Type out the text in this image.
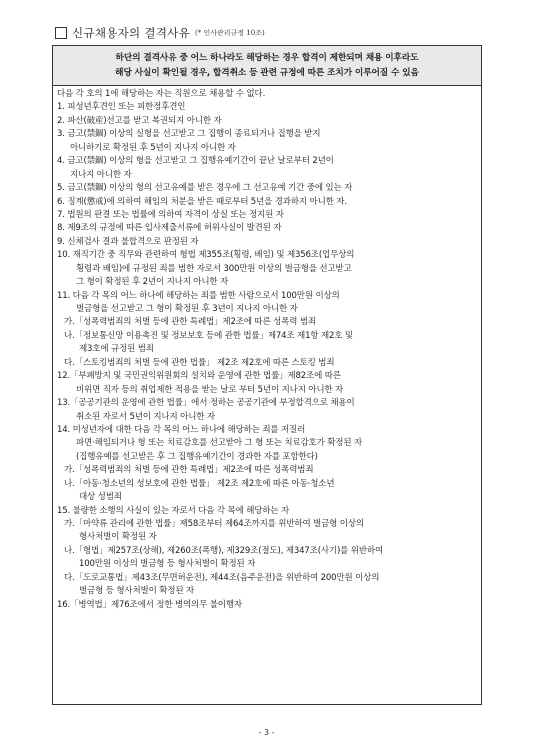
신규채용자의 결격사유 (* 인사관리규정 10조)
하단의 결격사유 중 어느 하나라도 해당하는 경우 합격이 제한되며 채용 이후라도
해당 사실이 확인될 경우, 합격취소 등 관련 규정에 따른 조치가 이루어질 수 있음
다음 각 호의 1에 해당하는 자는 직원으로 채용할 수 없다.
1. 피성년후견인 또는 피한정후견인
2. 파산(破産)선고를 받고 복권되지 아니한 자
3. 금고(禁錮) 이상의 실형을 선고받고 그 집행이 종료되거나 집행을 받지
아니하기로 확정된 후 5년이 지나지 아니한 자
4. 금고(禁錮) 이상의 형을 선고받고 그 집행유예기간이 끝난 날로부터 2년이
지나지 아니한 자
5. 금고(禁錮) 이상의 형의 선고유예를 받은 경우에 그 선고유예 기간 중에 있는 자
6. 징계(懲戒)에 의하여 해임의 처분을 받은 때로부터 5년을 경과하지 아니한 자.
7. 법원의 판결 또는 법률에 의하여 자격이 상실 또는 정지된 자
8. 제9조의 규정에 따른 입사제출서류에 허위사실이 발견된 자
9. 신체검사 결과 불합격으로 판정된 자
10. 재직기간 중 직무와 관련하여 형법 제355조(횡령, 배임) 및 제356조(업무상의
횡령과 배임)에 규정된 죄를 범한 자로서 300만원 이상의 벌금형을 선고받고
그 형이 확정된 후 2년이 지나지 아니한 자
11. 다음 각 목의 어느 하나에 해당하는 죄를 범한 사람으로서 100만원 이상의
벌금형을 선고받고 그 형이 확정된 후 3년이 지나지 아니한 자
가.「성폭력범죄의 처벌 등에 관한 특례법」제2조에 따른 성폭력 범죄
나.「정보통신망 이용촉진 및 정보보호 등에 관한 법률」제74조 제1항 제2호 및
제3호에 규정된 범죄
다.「스토킹범죄의 처벌 등에 관한 법률」 제2조 제2호에 따른 스토킹 범죄
12.「부패방지 및 국민권익위원회의 설치와 운영에 관한 법률」제82조에 따른
비위면 직자 등의 취업제한 적용을 받는 날로 부터 5년이 지나지 아니한 자
13.「공공기관의 운영에 관한 법률」에서 정하는 공공기관에 부정합격으로 채용이
취소된 자로서 5년이 지나지 아니한 자
14. 미성년자에 대한 다음 각 목의 어느 하나에 해당하는 죄를 저질러
파면·해임되거나 형 또는 치료감호를 선고받아 그 형 또는 치료감호가 확정된 자
(집행유예를 선고받은 후 그 집행유예기간이 경과한 자를 포함한다)
가.「성폭력범죄의 처벌 등에 관한 특례법」제2조에 따른 성폭력범죄
나.「아동·청소년의 성보호에 관한 법률」 제2조 제2호에 따른 아동·청소년
대상 성범죄
15. 불량한 소행의 사실이 있는 자로서 다음 각 목에 해당하는 자
가.「마약류 관리에 관한 법률」제58조부터 제64조까지를 위반하여 벌금형 이상의
형사처벌이 확정된 자
나.「형법」제257조(상해), 제260조(폭행), 제329조(절도), 제347조(사기)를 위반하여
100만원 이상의 벌금형 등 형사처벌이 확정된 자
다.「도로교통법」제43조(무면허운전), 제44조(음주운전)을 위반하여 200만원 이상의
벌금형 등 형사처벌이 확정된 자
16.「병역법」제76조에서 정한 병역의무 불이행자
- 3 -
